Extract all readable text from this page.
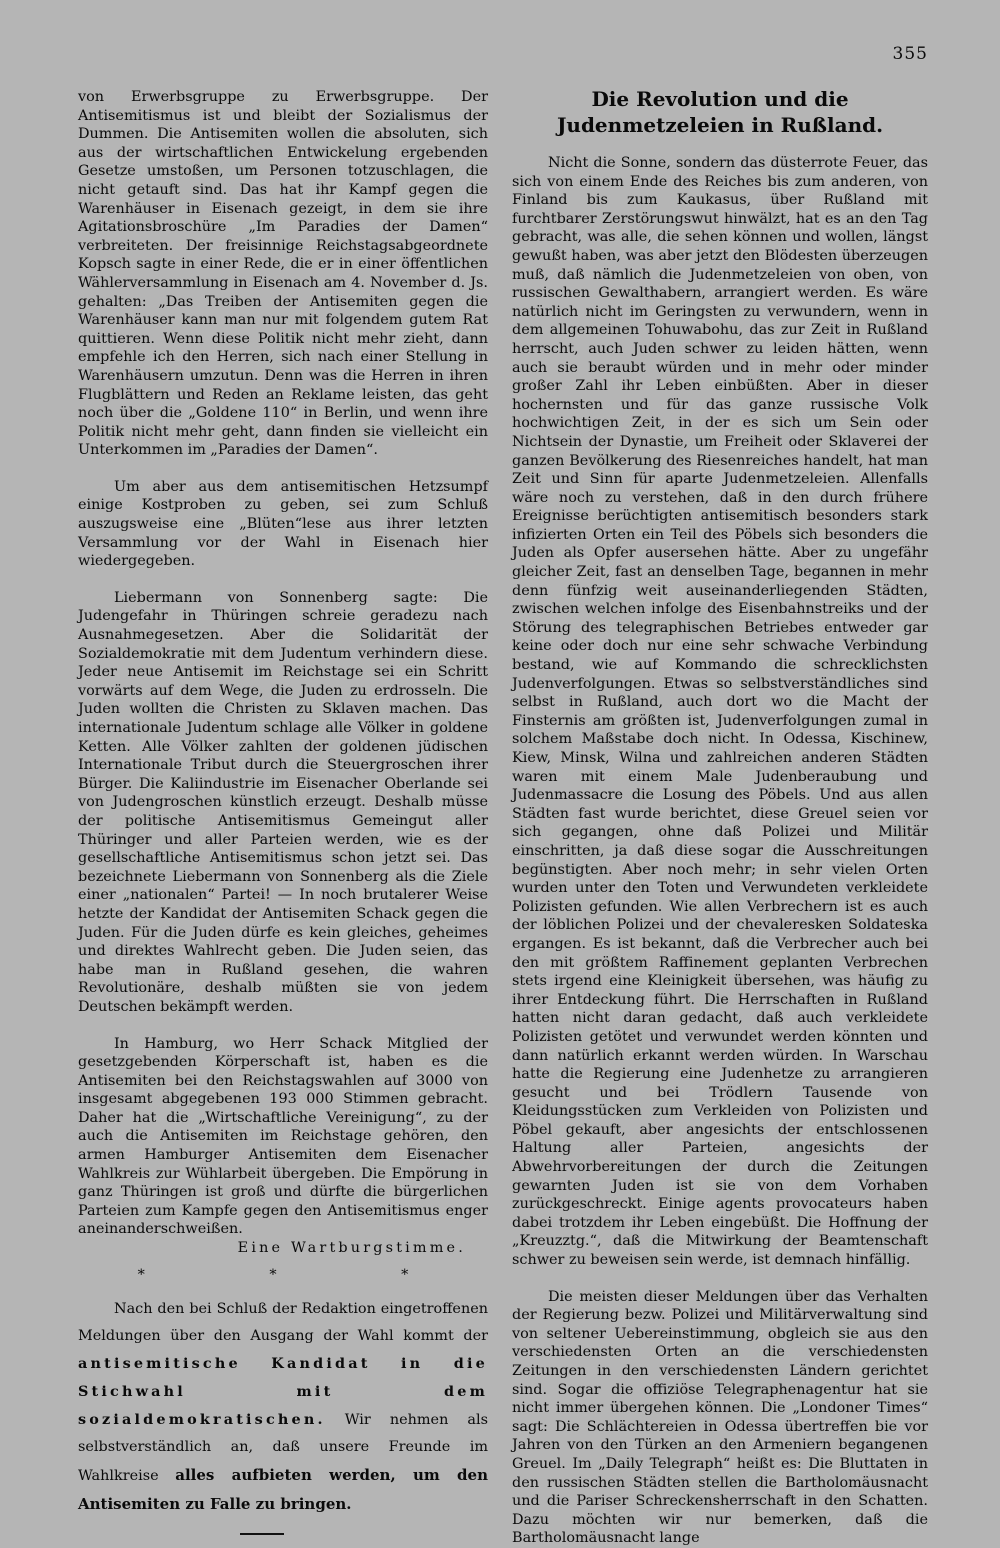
355

von Erwerbsgruppe zu Erwerbsgruppe. Der Antisemitismus ist und bleibt der Sozialismus der Dummen. Die Antisemiten wollen die absoluten, sich aus der wirtschaftlichen Entwickelung ergebenden Gesetze umstoßen, um Personen totzuschlagen, die nicht getauft sind. Das hat ihr Kampf gegen die Warenhäuser in Eisenach gezeigt, in dem sie ihre Agitationsbroschüre „Im Paradies der Damen“ verbreiteten. Der freisinnige Reichstagsabgeordnete Kopsch sagte in einer Rede, die er in einer öffentlichen Wählerversammlung in Eisenach am 4. November d. Js. gehalten: „Das Treiben der Antisemiten gegen die Warenhäuser kann man nur mit folgendem gutem Rat quittieren. Wenn diese Politik nicht mehr zieht, dann empfehle ich den Herren, sich nach einer Stellung in Warenhäusern umzutun. Denn was die Herren in ihren Flugblättern und Reden an Reklame leisten, das geht noch über die „Goldene 110“ in Berlin, und wenn ihre Politik nicht mehr geht, dann finden sie vielleicht ein Unterkommen im „Paradies der Damen“.

Um aber aus dem antisemitischen Hetzsumpf einige Kostproben zu geben, sei zum Schluß auszugsweise eine „Blüten“lese aus ihrer letzten Versammlung vor der Wahl in Eisenach hier wiedergegeben.

Liebermann von Sonnenberg sagte: Die Judengefahr in Thüringen schreie geradezu nach Ausnahmegesetzen. Aber die Solidarität der Sozialdemokratie mit dem Judentum verhindern diese. Jeder neue Antisemit im Reichstage sei ein Schritt vorwärts auf dem Wege, die Juden zu erdrosseln. Die Juden wollten die Christen zu Sklaven machen. Das internationale Judentum schlage alle Völker in goldene Ketten. Alle Völker zahlten der goldenen jüdischen Internationale Tribut durch die Steuergroschen ihrer Bürger. Die Kaliindustrie im Eisenacher Oberlande sei von Judengroschen künstlich erzeugt. Deshalb müsse der politische Antisemitismus Gemeingut aller Thüringer und aller Parteien werden, wie es der gesellschaftliche Antisemitismus schon jetzt sei. Das bezeichnete Liebermann von Sonnenberg als die Ziele einer „nationalen“ Partei! — In noch brutalerer Weise hetzte der Kandidat der Antisemiten Schack gegen die Juden. Für die Juden dürfe es kein gleiches, geheimes und direktes Wahlrecht geben. Die Juden seien, das habe man in Rußland gesehen, die wahren Revolutionäre, deshalb müßten sie von jedem Deutschen bekämpft werden.

In Hamburg, wo Herr Schack Mitglied der gesetzgebenden Körperschaft ist, haben es die Antisemiten bei den Reichstagswahlen auf 3000 von insgesamt abgegebenen 193 000 Stimmen gebracht. Daher hat die „Wirtschaftliche Vereinigung“, zu der auch die Antisemiten im Reichstage gehören, den armen Hamburger Antisemiten dem Eisenacher Wahlkreis zur Wühlarbeit übergeben. Die Empörung in ganz Thüringen ist groß und dürfte die bürgerlichen Parteien zum Kampfe gegen den Antisemitismus enger aneinanderschweißen.

Eine Wartburgstimme.

* * *

Nach den bei Schluß der Redaktion eingetroffenen Meldungen über den Ausgang der Wahl kommt der antisemitische Kandidat in die Stichwahl mit dem sozialdemokratischen. Wir nehmen als selbstverständlich an, daß unsere Freunde im Wahlkreise alles aufbieten werden, um den Antisemiten zu Falle zu bringen.

Die Revolution und die Judenmetzeleien in Rußland.

Nicht die Sonne, sondern das düsterrote Feuer, das sich von einem Ende des Reiches bis zum anderen, von Finland bis zum Kaukasus, über Rußland mit furchtbarer Zerstörungswut hinwälzt, hat es an den Tag gebracht, was alle, die sehen können und wollen, längst gewußt haben, was aber jetzt den Blödesten überzeugen muß, daß nämlich die Judenmetzeleien von oben, von russischen Gewalthabern, arrangiert werden. Es wäre natürlich nicht im Geringsten zu verwundern, wenn in dem allgemeinen Tohuwabohu, das zur Zeit in Rußland herrscht, auch Juden schwer zu leiden hätten, wenn auch sie beraubt würden und in mehr oder minder großer Zahl ihr Leben einbüßten. Aber in dieser hochernsten und für das ganze russische Volk hochwichtigen Zeit, in der es sich um Sein oder Nichtsein der Dynastie, um Freiheit oder Sklaverei der ganzen Bevölkerung des Riesenreiches handelt, hat man Zeit und Sinn für aparte Judenmetzeleien. Allenfalls wäre noch zu verstehen, daß in den durch frühere Ereignisse berüchtigten antisemitisch besonders stark infizierten Orten ein Teil des Pöbels sich besonders die Juden als Opfer ausersehen hätte. Aber zu ungefähr gleicher Zeit, fast an denselben Tage, begannen in mehr denn fünfzig weit auseinanderliegenden Städten, zwischen welchen infolge des Eisenbahnstreiks und der Störung des telegraphischen Betriebes entweder gar keine oder doch nur eine sehr schwache Verbindung bestand, wie auf Kommando die schrecklichsten Judenverfolgungen. Etwas so selbstverständliches sind selbst in Rußland, auch dort wo die Macht der Finsternis am größten ist, Judenverfolgungen zumal in solchem Maßstabe doch nicht. In Odessa, Kischinew, Kiew, Minsk, Wilna und zahlreichen anderen Städten waren mit einem Male Judenberaubung und Judenmassacre die Losung des Pöbels. Und aus allen Städten fast wurde berichtet, diese Greuel seien vor sich gegangen, ohne daß Polizei und Militär einschritten, ja daß diese sogar die Ausschreitungen begünstigten. Aber noch mehr; in sehr vielen Orten wurden unter den Toten und Verwundeten verkleidete Polizisten gefunden. Wie allen Verbrechern ist es auch der löblichen Polizei und der chevaleresken Soldateska ergangen. Es ist bekannt, daß die Verbrecher auch bei den mit größtem Raffinement geplanten Verbrechen stets irgend eine Kleinigkeit übersehen, was häufig zu ihrer Entdeckung führt. Die Herrschaften in Rußland hatten nicht daran gedacht, daß auch verkleidete Polizisten getötet und verwundet werden könnten und dann natürlich erkannt werden würden. In Warschau hatte die Regierung eine Judenhetze zu arrangieren gesucht und bei Trödlern Tausende von Kleidungsstücken zum Verkleiden von Polizisten und Pöbel gekauft, aber angesichts der entschlossenen Haltung aller Parteien, angesichts der Abwehrvorbereitungen der durch die Zeitungen gewarnten Juden ist sie von dem Vorhaben zurückgeschreckt. Einige agents provocateurs haben dabei trotzdem ihr Leben eingebüßt. Die Hoffnung der „Kreuzztg.“, daß die Mitwirkung der Beamtenschaft schwer zu beweisen sein werde, ist demnach hinfällig.

Die meisten dieser Meldungen über das Verhalten der Regierung bezw. Polizei und Militärverwaltung sind von seltener Uebereinstimmung, obgleich sie aus den verschiedensten Orten an die verschiedensten Zeitungen in den verschiedensten Ländern gerichtet sind. Sogar die offiziöse Telegraphenagentur hat sie nicht immer übergehen können. Die „Londoner Times“ sagt: Die Schlächtereien in Odessa übertreffen bie vor Jahren von den Türken an den Armeniern begangenen Greuel. Im „Daily Telegraph“ heißt es: Die Bluttaten in den russischen Städten stellen die Bartholomäusnacht und die Pariser Schreckensherrschaft in den Schatten. Dazu möchten wir nur bemerken, daß die Bartholomäusnacht lange
